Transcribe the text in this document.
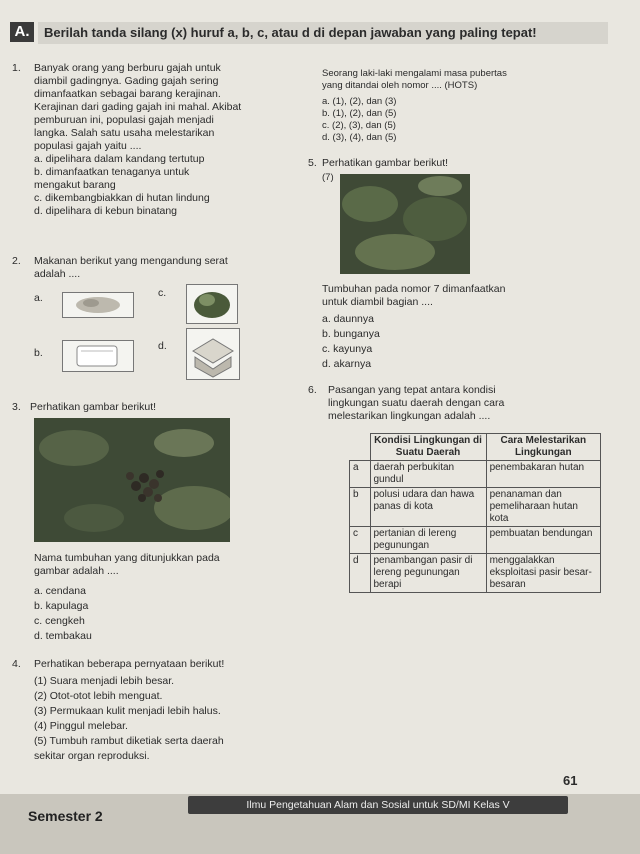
A.	Berilah tanda silang (x) huruf a, b, c, atau d di depan jawaban yang paling tepat!
1. Banyak orang yang berburu gajah untuk
diambil gadingnya. Gading gajah sering
dimanfaatkan sebagai barang kerajinan.
Kerajinan dari gading gajah ini mahal. Akibat
pemburuan ini, populasi gajah menjadi
langka. Salah satu usaha melestarikan
populasi gajah yaitu ....
a. dipelihara dalam kandang tertutup
b. dimanfaatkan tenaganya untuk
mengakut barang
c. dikembangbiakkan di hutan lindung
d. dipelihara di kebun binatang
2. Makanan berikut yang mengandung serat
adalah ....
a.	c.
b.
d.
3. Perhatikan gambar berikut!
Nama tumbuhan yang ditunjukkan pada
gambar adalah ....
a. cendana
b. kapulaga
c. cengkeh
d. tembakau
4. Perhatikan beberapa pernyataan berikut!
(1) Suara menjadi lebih besar.
(2) Otot-otot lebih menguat.
(3) Permukaan kulit menjadi lebih halus.
(4) Pinggul melebar.
(5) Tumbuh rambut diketiak serta daerah
sekitar organ reproduksi.
Seorang laki-laki mengalami masa pubertas
yang ditandai oleh nomor .... (HOTS)
a. (1), (2), dan (3)
b. (1), (2), dan (5)
c. (2), (3), dan (5)
d. (3), (4), dan (5)
5. Perhatikan gambar berikut!
(7)
Tumbuhan pada nomor 7 dimanfaatkan
untuk diambil bagian ....
a. daunnya
b. bunganya
c. kayunya
d. akarnya
6. Pasangan yang tepat antara kondisi
lingkungan suatu daerah dengan cara
melestarikan lingkungan adalah ....
	Kondisi Lingkungan di Suatu Daerah	Cara Melestarikan Lingkungan
a	daerah perbukitan gundul	penembakaran hutan
b	polusi udara dan hawa panas di kota	penanaman dan pemeliharaan hutan kota
c	pertanian di lereng pegunungan	pembuatan bendungan
d	penambangan pasir di lereng pegunungan berapi	menggalakkan eksploitasi pasir besar-besaran
61
Semester 2
Ilmu Pengetahuan Alam dan Sosial untuk SD/MI Kelas V
